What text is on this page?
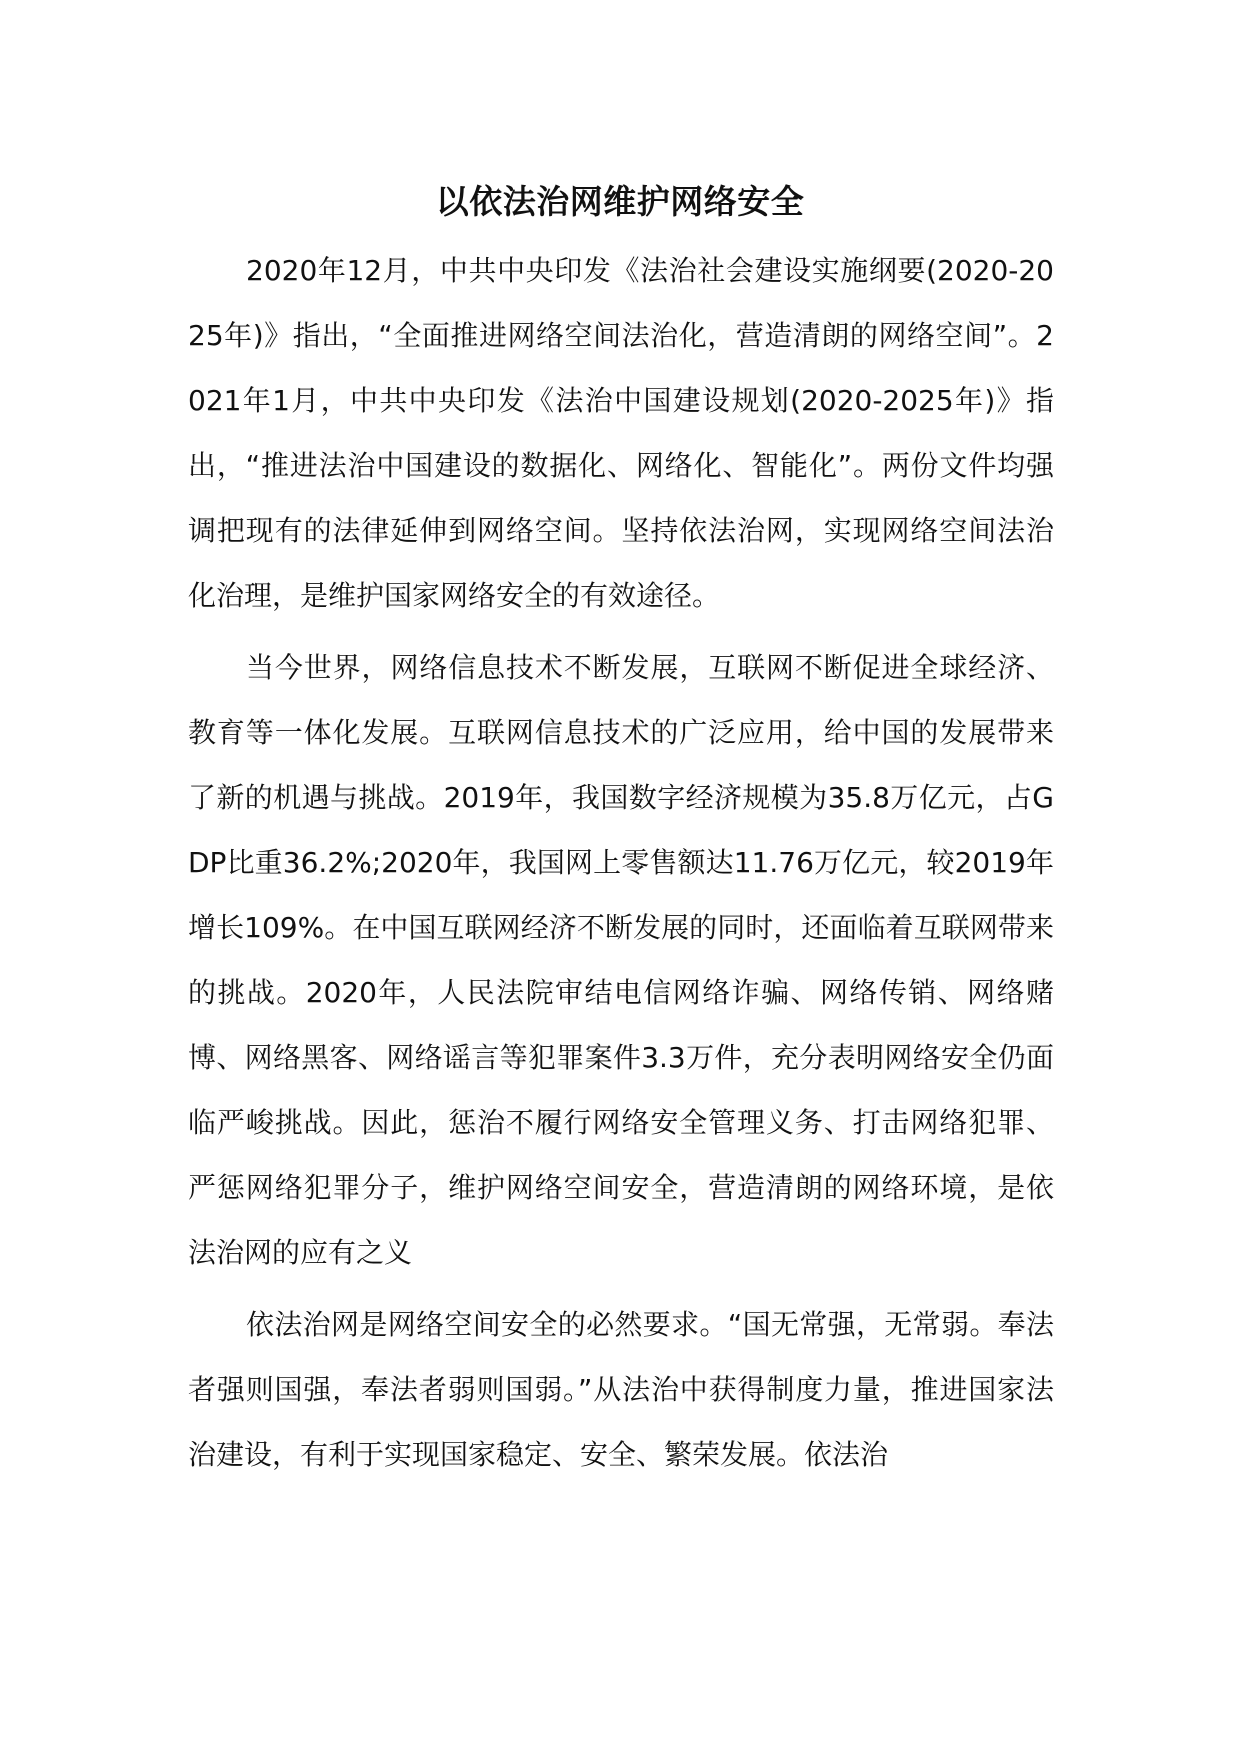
以依法治网维护网络安全

2020年12月，中共中央印发《法治社会建设实施纲要(2020-2025年)》指出，“全面推进网络空间法治化，营造清朗的网络空间”。2021年1月，中共中央印发《法治中国建设规划(2020-2025年)》指出，“推进法治中国建设的数据化、网络化、智能化”。两份文件均强调把现有的法律延伸到网络空间。坚持依法治网，实现网络空间法治化治理，是维护国家网络安全的有效途径。

当今世界，网络信息技术不断发展，互联网不断促进全球经济、教育等一体化发展。互联网信息技术的广泛应用，给中国的发展带来了新的机遇与挑战。2019年，我国数字经济规模为35.8万亿元，占GDP比重36.2%;2020年，我国网上零售额达11.76万亿元，较2019年增长109%。在中国互联网经济不断发展的同时，还面临着互联网带来的挑战。2020年，人民法院审结电信网络诈骗、网络传销、网络赌博、网络黑客、网络谣言等犯罪案件3.3万件，充分表明网络安全仍面临严峻挑战。因此，惩治不履行网络安全管理义务、打击网络犯罪、严惩网络犯罪分子，维护网络空间安全，营造清朗的网络环境，是依法治网的应有之义

依法治网是网络空间安全的必然要求。“国无常强，无常弱。奉法者强则国强，奉法者弱则国弱。”从法治中获得制度力量，推进国家法治建设，有利于实现国家稳定、安全、繁荣发展。依法治
